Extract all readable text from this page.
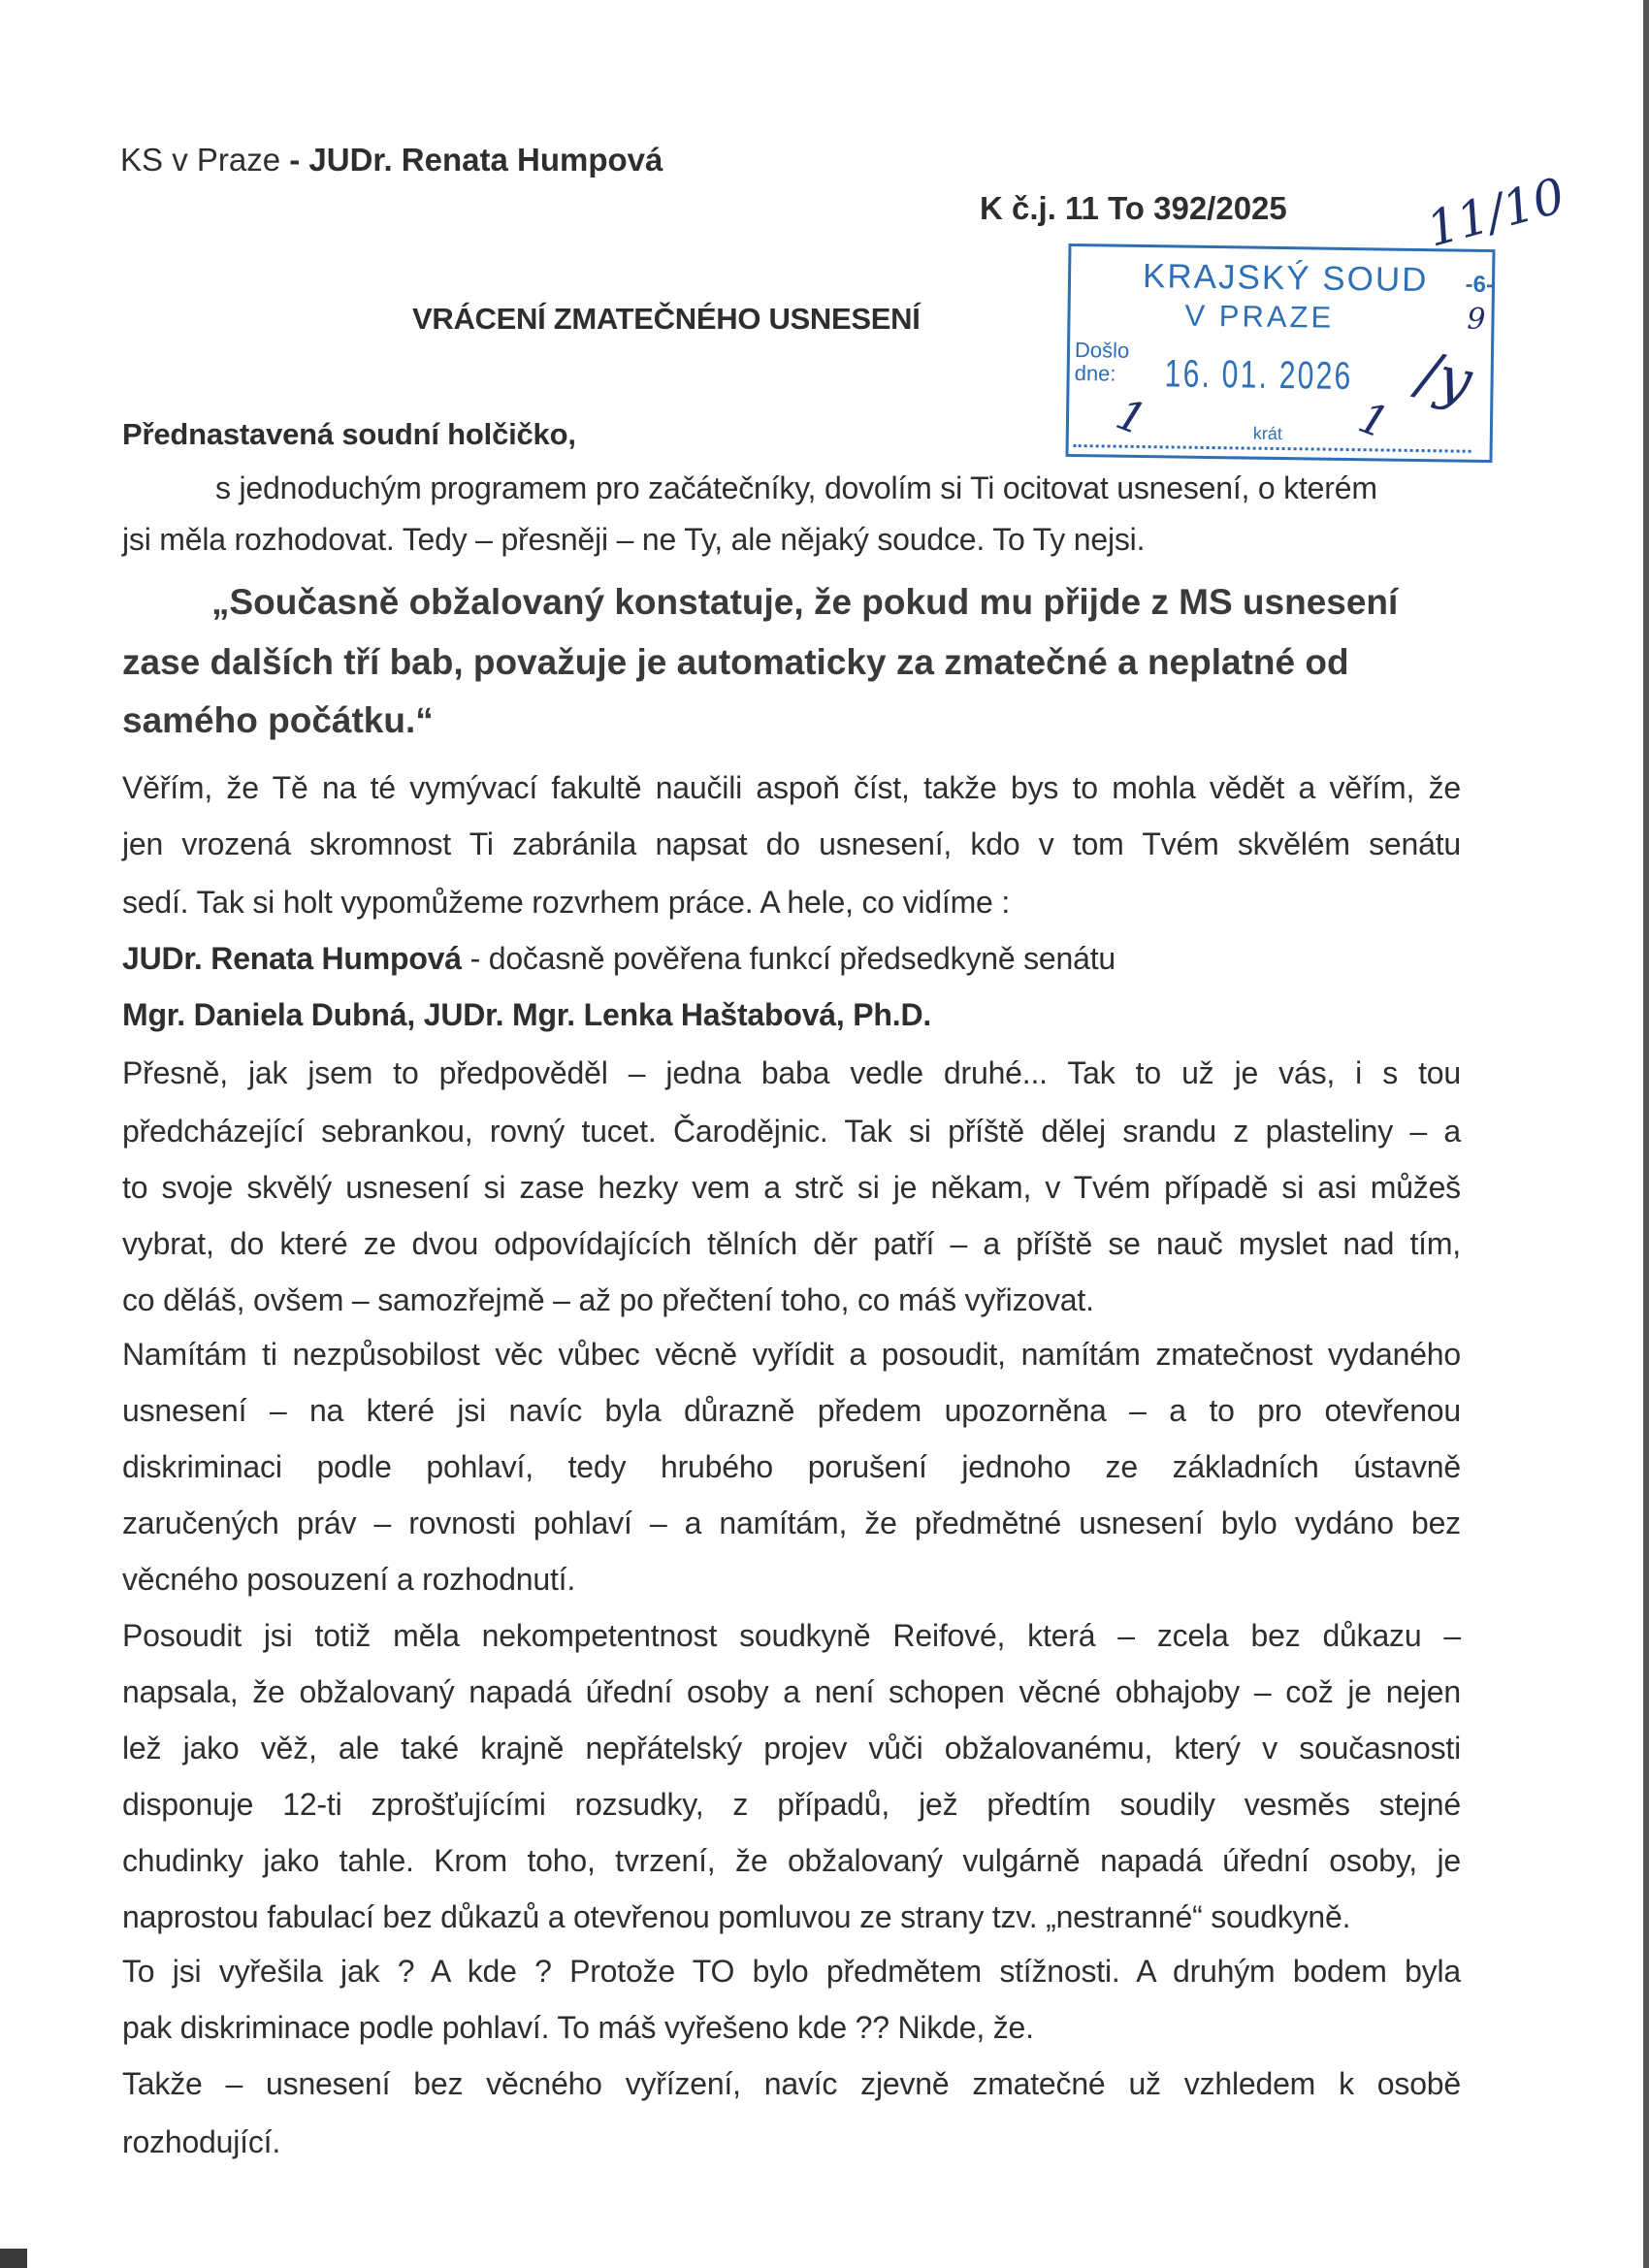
KS v Praze - JUDr. Renata Humpová
K č.j. 11 To 392/2025	11/10
KRAJSKÝ SOUD
V PRAZE
Došlo
dne:	16. 01. 2026
-6-
9
/y
1	1
krát
VRÁCENÍ ZMATEČNÉHO USNESENÍ
Přednastavená soudní holčičko,
s jednoduchým programem pro začátečníky, dovolím si Ti ocitovat usnesení, o kterém
jsi měla rozhodovat. Tedy – přesněji – ne Ty, ale nějaký soudce. To Ty nejsi.
„Současně obžalovaný konstatuje, že pokud mu přijde z MS usnesení
zase dalších tří bab, považuje je automaticky za zmatečné a neplatné od
samého počátku.“
Věřím, že Tě na té vymývací fakultě naučili aspoň číst, takže bys to mohla vědět a věřím, že
jen vrozená skromnost Ti zabránila napsat do usnesení, kdo v tom Tvém skvělém senátu
sedí. Tak si holt vypomůžeme rozvrhem práce. A hele, co vidíme :
JUDr. Renata Humpová - dočasně pověřena funkcí předsedkyně senátu
Mgr. Daniela Dubná, JUDr. Mgr. Lenka Haštabová, Ph.D.
Přesně, jak jsem to předpověděl – jedna baba vedle druhé... Tak to už je vás, i s tou
předcházející sebrankou, rovný tucet. Čarodějnic. Tak si příště dělej srandu z plasteliny – a
to svoje skvělý usnesení si zase hezky vem a strč si je někam, v Tvém případě si asi můžeš
vybrat, do které ze dvou odpovídajících tělních děr patří – a příště se nauč myslet nad tím,
co děláš, ovšem – samozřejmě – až po přečtení toho, co máš vyřizovat.
Namítám ti nezpůsobilost věc vůbec věcně vyřídit a posoudit, namítám zmatečnost vydaného
usnesení – na které jsi navíc byla důrazně předem upozorněna – a to pro otevřenou
diskriminaci podle pohlaví, tedy hrubého porušení jednoho ze základních ústavně
zaručených práv – rovnosti pohlaví – a namítám, že předmětné usnesení bylo vydáno bez
věcného posouzení a rozhodnutí.
Posoudit jsi totiž měla nekompetentnost soudkyně Reifové, která – zcela bez důkazu –
napsala, že obžalovaný napadá úřední osoby a není schopen věcné obhajoby – což je nejen
lež jako věž, ale také krajně nepřátelský projev vůči obžalovanému, který v současnosti
disponuje 12-ti zprošťujícími rozsudky, z případů, jež předtím soudily vesměs stejné
chudinky jako tahle. Krom toho, tvrzení, že obžalovaný vulgárně napadá úřední osoby, je
naprostou fabulací bez důkazů a otevřenou pomluvou ze strany tzv. „nestranné“ soudkyně.
To jsi vyřešila jak ? A kde ? Protože TO bylo předmětem stížnosti. A druhým bodem byla
pak diskriminace podle pohlaví. To máš vyřešeno kde ?? Nikde, že.
Takže – usnesení bez věcného vyřízení, navíc zjevně zmatečné už vzhledem k osobě
rozhodující.
